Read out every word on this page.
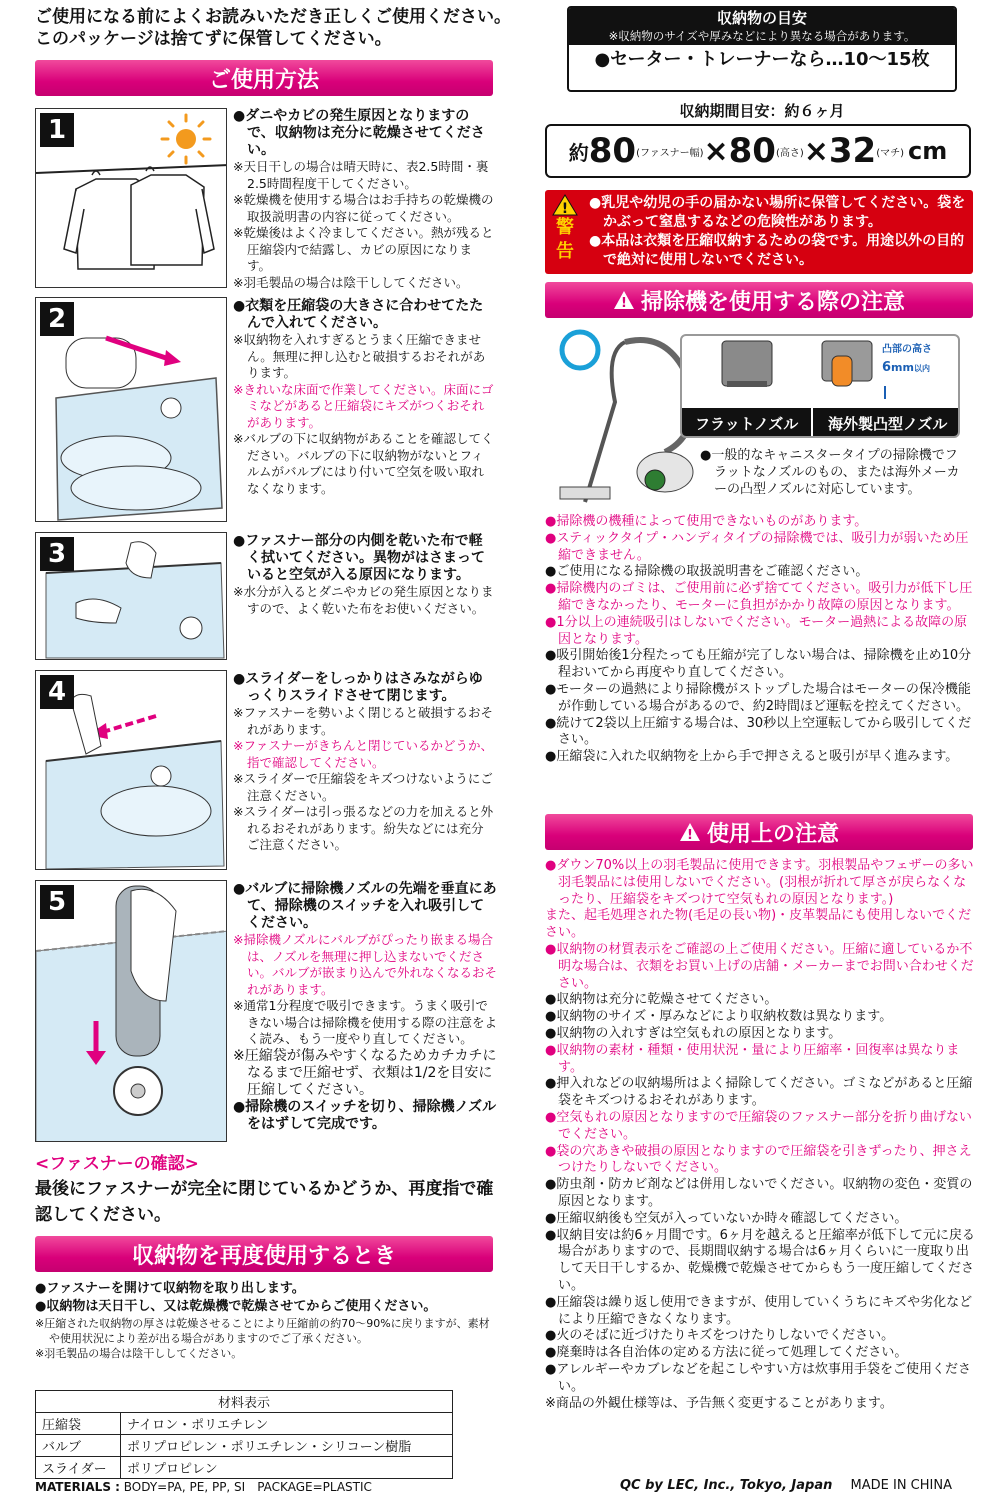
ご使用になる前によくお読みいただき正しくご使用ください。
このパッケージは捨てずに保管してください。
ご使用方法
1	●ダニやカビの発生原因となりますので、収納物は充分に乾燥させてください。

※天日干しの場合は晴天時に、表2.5時間・裏2.5時間程度干してください。

※乾燥機を使用する場合はお手持ちの乾燥機の取扱説明書の内容に従ってください。

※乾燥後はよく冷ましてください。熱が残ると圧縮袋内で結露し、カビの原因になります。

※羽毛製品の場合は陰干ししてください。

2	●衣類を圧縮袋の大きさに合わせてたたんで入れてください。

※収納物を入れすぎるとうまく圧縮できません。無理に押し込むと破損するおそれがあります。

※きれいな床面で作業してください。床面にゴミなどがあると圧縮袋にキズがつくおそれがあります。

※バルブの下に収納物があることを確認してください。バルブの下に収納物がないとフィルムがバルブにはり付いて空気を吸い取れなくなります。

3	●ファスナー部分の内側を乾いた布で軽く拭いてください。異物がはさまっていると空気が入る原因になります。

※水分が入るとダニやカビの発生原因となりますので、よく乾いた布をお使いください。

4	●スライダーをしっかりはさみながらゆっくりスライドさせて閉じます。

※ファスナーを勢いよく閉じると破損するおそれがあります。

※ファスナーがきちんと閉じているかどうか、指で確認してください。

※スライダーで圧縮袋をキズつけないようにご注意ください。

※スライダーは引っ張るなどの力を加えると外れるおそれがあります。紛失などには充分ご注意ください。

5	●バルブに掃除機ノズルの先端を垂直にあて、掃除機のスイッチを入れ吸引してください。

※掃除機ノズルにバルブがぴったり嵌まる場合は、ノズルを無理に押し込まないでください。バルブが嵌まり込んで外れなくなるおそれがあります。

※通常1分程度で吸引できます。うまく吸引できない場合は掃除機を使用する際の注意をよく読み、もう一度やり直してください。

※圧縮袋が傷みやすくなるためカチカチになるまで圧縮せず、衣類は1/2を目安に圧縮してください。

●掃除機のスイッチを切り、掃除機ノズルをはずして完成です。

<ファスナーの確認>
最後にファスナーが完全に閉じているかどうか、再度指で確認してください。
収納物を再度使用するとき

●ファスナーを開けて収納物を取り出します。

●収納物は天日干し、又は乾燥機で乾燥させてからご使用ください。

※圧縮された収納物の厚さは乾燥させることにより圧縮前の約70〜90%に戻りますが、素材や使用状況により差が出る場合がありますのでご了承ください。

※羽毛製品の場合は陰干ししてください。

材料表示	
圧縮袋	ナイロン・ポリエチレン
バルブ	ポリプロピレン・ポリエチレン・シリコーン樹脂
スライダー	ポリプロピレン
MATERIALS : BODY=PA, PE, PP, SI　PACKAGE=PLASTIC
収納物の目安
※収納物のサイズや厚みなどにより異なる場合があります。
●セーター・トレーナーなら…10〜15枚
収納期間目安：約６ヶ月
約 80 (ファスナー幅) × 80 (高さ) × 32 (マチ) cm
!
警
告

●乳児や幼児の手の届かない場所に保管してください。袋をかぶって窒息するなどの危険性があります。

●本品は衣類を圧縮収納するための袋です。用途以外の目的で絶対に使用しないでください。

! 掃除機を使用する際の注意
凸部の高さ
6mm以内
フラットノズル	海外製凸型ノズル

●一般的なキャニスタータイプの掃除機でフラットなノズルのもの、または海外メーカーの凸型ノズルに対応しています。

●掃除機の機種によって使用できないものがあります。

●スティックタイプ・ハンディタイプの掃除機では、吸引力が弱いため圧縮できません。

●ご使用になる掃除機の取扱説明書をご確認ください。

●掃除機内のゴミは、ご使用前に必ず捨ててください。吸引力が低下し圧縮できなかったり、モーターに負担がかかり故障の原因となります。

●1分以上の連続吸引はしないでください。モーター過熱による故障の原因となります。

●吸引開始後1分程たっても圧縮が完了しない場合は、掃除機を止め10分程おいてから再度やり直してください。

●モーターの過熱により掃除機がストップした場合はモーターの保冷機能が作動している場合があるので、約2時間ほど運転を控えてください。

●続けて2袋以上圧縮する場合は、30秒以上空運転してから吸引してください。

●圧縮袋に入れた収納物を上から手で押さえると吸引が早く進みます。

! 使用上の注意

●ダウン70%以上の羽毛製品に使用できます。羽根製品やフェザーの多い羽毛製品には使用しないでください。(羽根が折れて厚さが戻らなくなったり、圧縮袋をキズつけて空気もれの原因となります。)

　また、起毛処理された物(毛足の長い物)・皮革製品にも使用しないでください。

●収納物の材質表示をご確認の上ご使用ください。圧縮に適しているか不明な場合は、衣類をお買い上げの店舗・メーカーまでお問い合わせください。

●収納物は充分に乾燥させてください。

●収納物のサイズ・厚みなどにより収納枚数は異なります。

●収納物の入れすぎは空気もれの原因となります。

●収納物の素材・種類・使用状況・量により圧縮率・回復率は異なります。

●押入れなどの収納場所はよく掃除してください。ゴミなどがあると圧縮袋をキズつけるおそれがあります。

●空気もれの原因となりますので圧縮袋のファスナー部分を折り曲げないでください。

●袋の穴あきや破損の原因となりますので圧縮袋を引きずったり、押さえつけたりしないでください。

●防虫剤・防カビ剤などは併用しないでください。収納物の変色・変質の原因となります。

●圧縮収納後も空気が入っていないか時々確認してください。

●収納目安は約6ヶ月間です。6ヶ月を越えると圧縮率が低下して元に戻る場合がありますので、長期間収納する場合は6ヶ月くらいに一度取り出して天日干しするか、乾燥機で乾燥させてからもう一度圧縮してください。

●圧縮袋は繰り返し使用できますが、使用していくうちにキズや劣化などにより圧縮できなくなります。

●火のそばに近づけたりキズをつけたりしないでください。

●廃棄時は各自治体の定める方法に従って処理してください。

●アレルギーやカブレなどを起こしやすい方は炊事用手袋をご使用ください。

※商品の外観仕様等は、予告無く変更することがあります。

QC by LEC, Inc., Tokyo, Japan MADE IN CHINA
